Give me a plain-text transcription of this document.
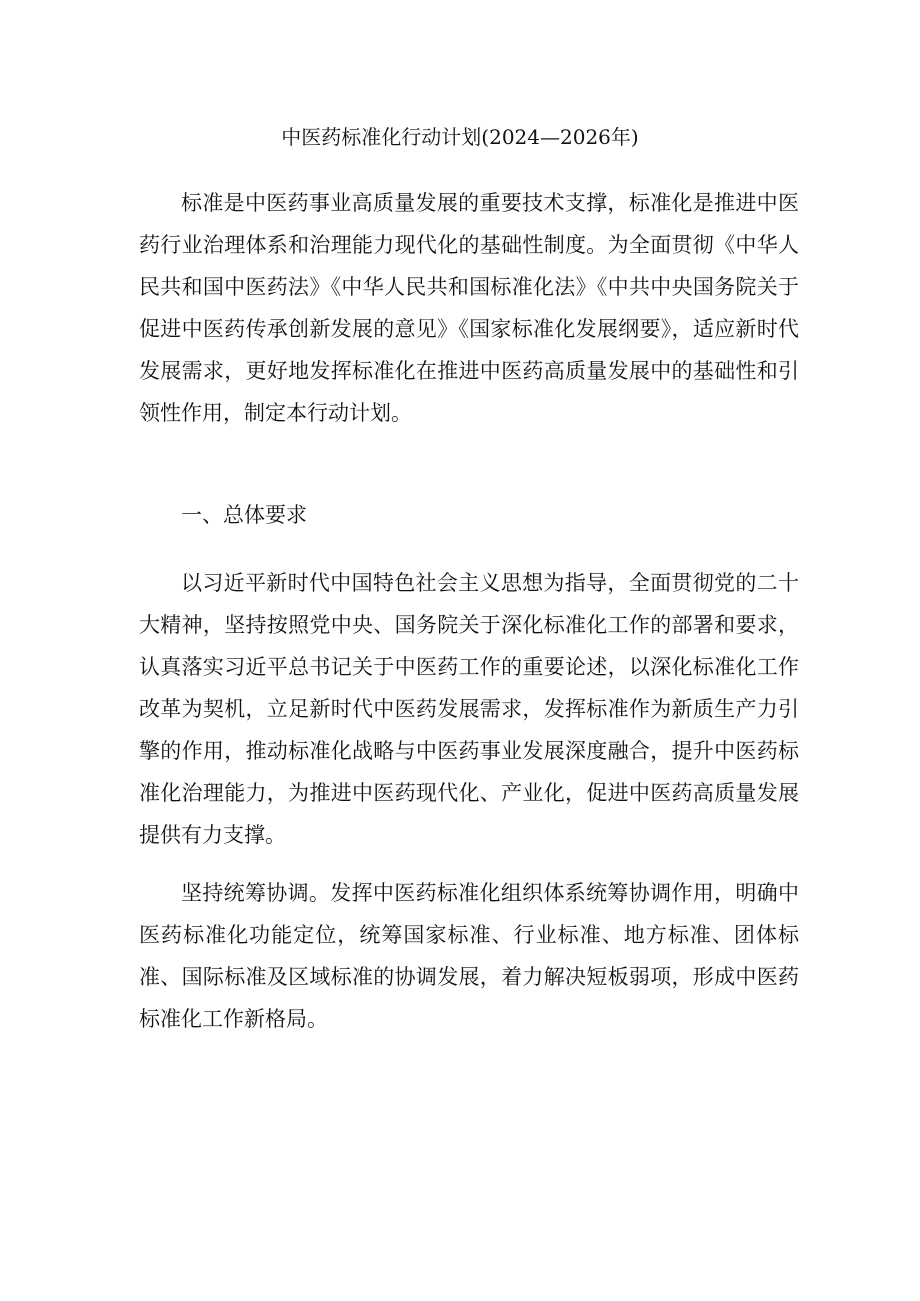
中医药标准化行动计划(2024—2026年)

标准是中医药事业高质量发展的重要技术支撑，标准化是推进中医药行业治理体系和治理能力现代化的基础性制度。为全面贯彻《中华人民共和国中医药法》《中华人民共和国标准化法》《中共中央国务院关于促进中医药传承创新发展的意见》《国家标准化发展纲要》，适应新时代发展需求，更好地发挥标准化在推进中医药高质量发展中的基础性和引领性作用，制定本行动计划。

一、总体要求

以习近平新时代中国特色社会主义思想为指导，全面贯彻党的二十大精神，坚持按照党中央、国务院关于深化标准化工作的部署和要求，认真落实习近平总书记关于中医药工作的重要论述，以深化标准化工作改革为契机，立足新时代中医药发展需求，发挥标准作为新质生产力引擎的作用，推动标准化战略与中医药事业发展深度融合，提升中医药标准化治理能力，为推进中医药现代化、产业化，促进中医药高质量发展提供有力支撑。

坚持统筹协调。发挥中医药标准化组织体系统筹协调作用，明确中医药标准化功能定位，统筹国家标准、行业标准、地方标准、团体标准、国际标准及区域标准的协调发展，着力解决短板弱项，形成中医药标准化工作新格局。
